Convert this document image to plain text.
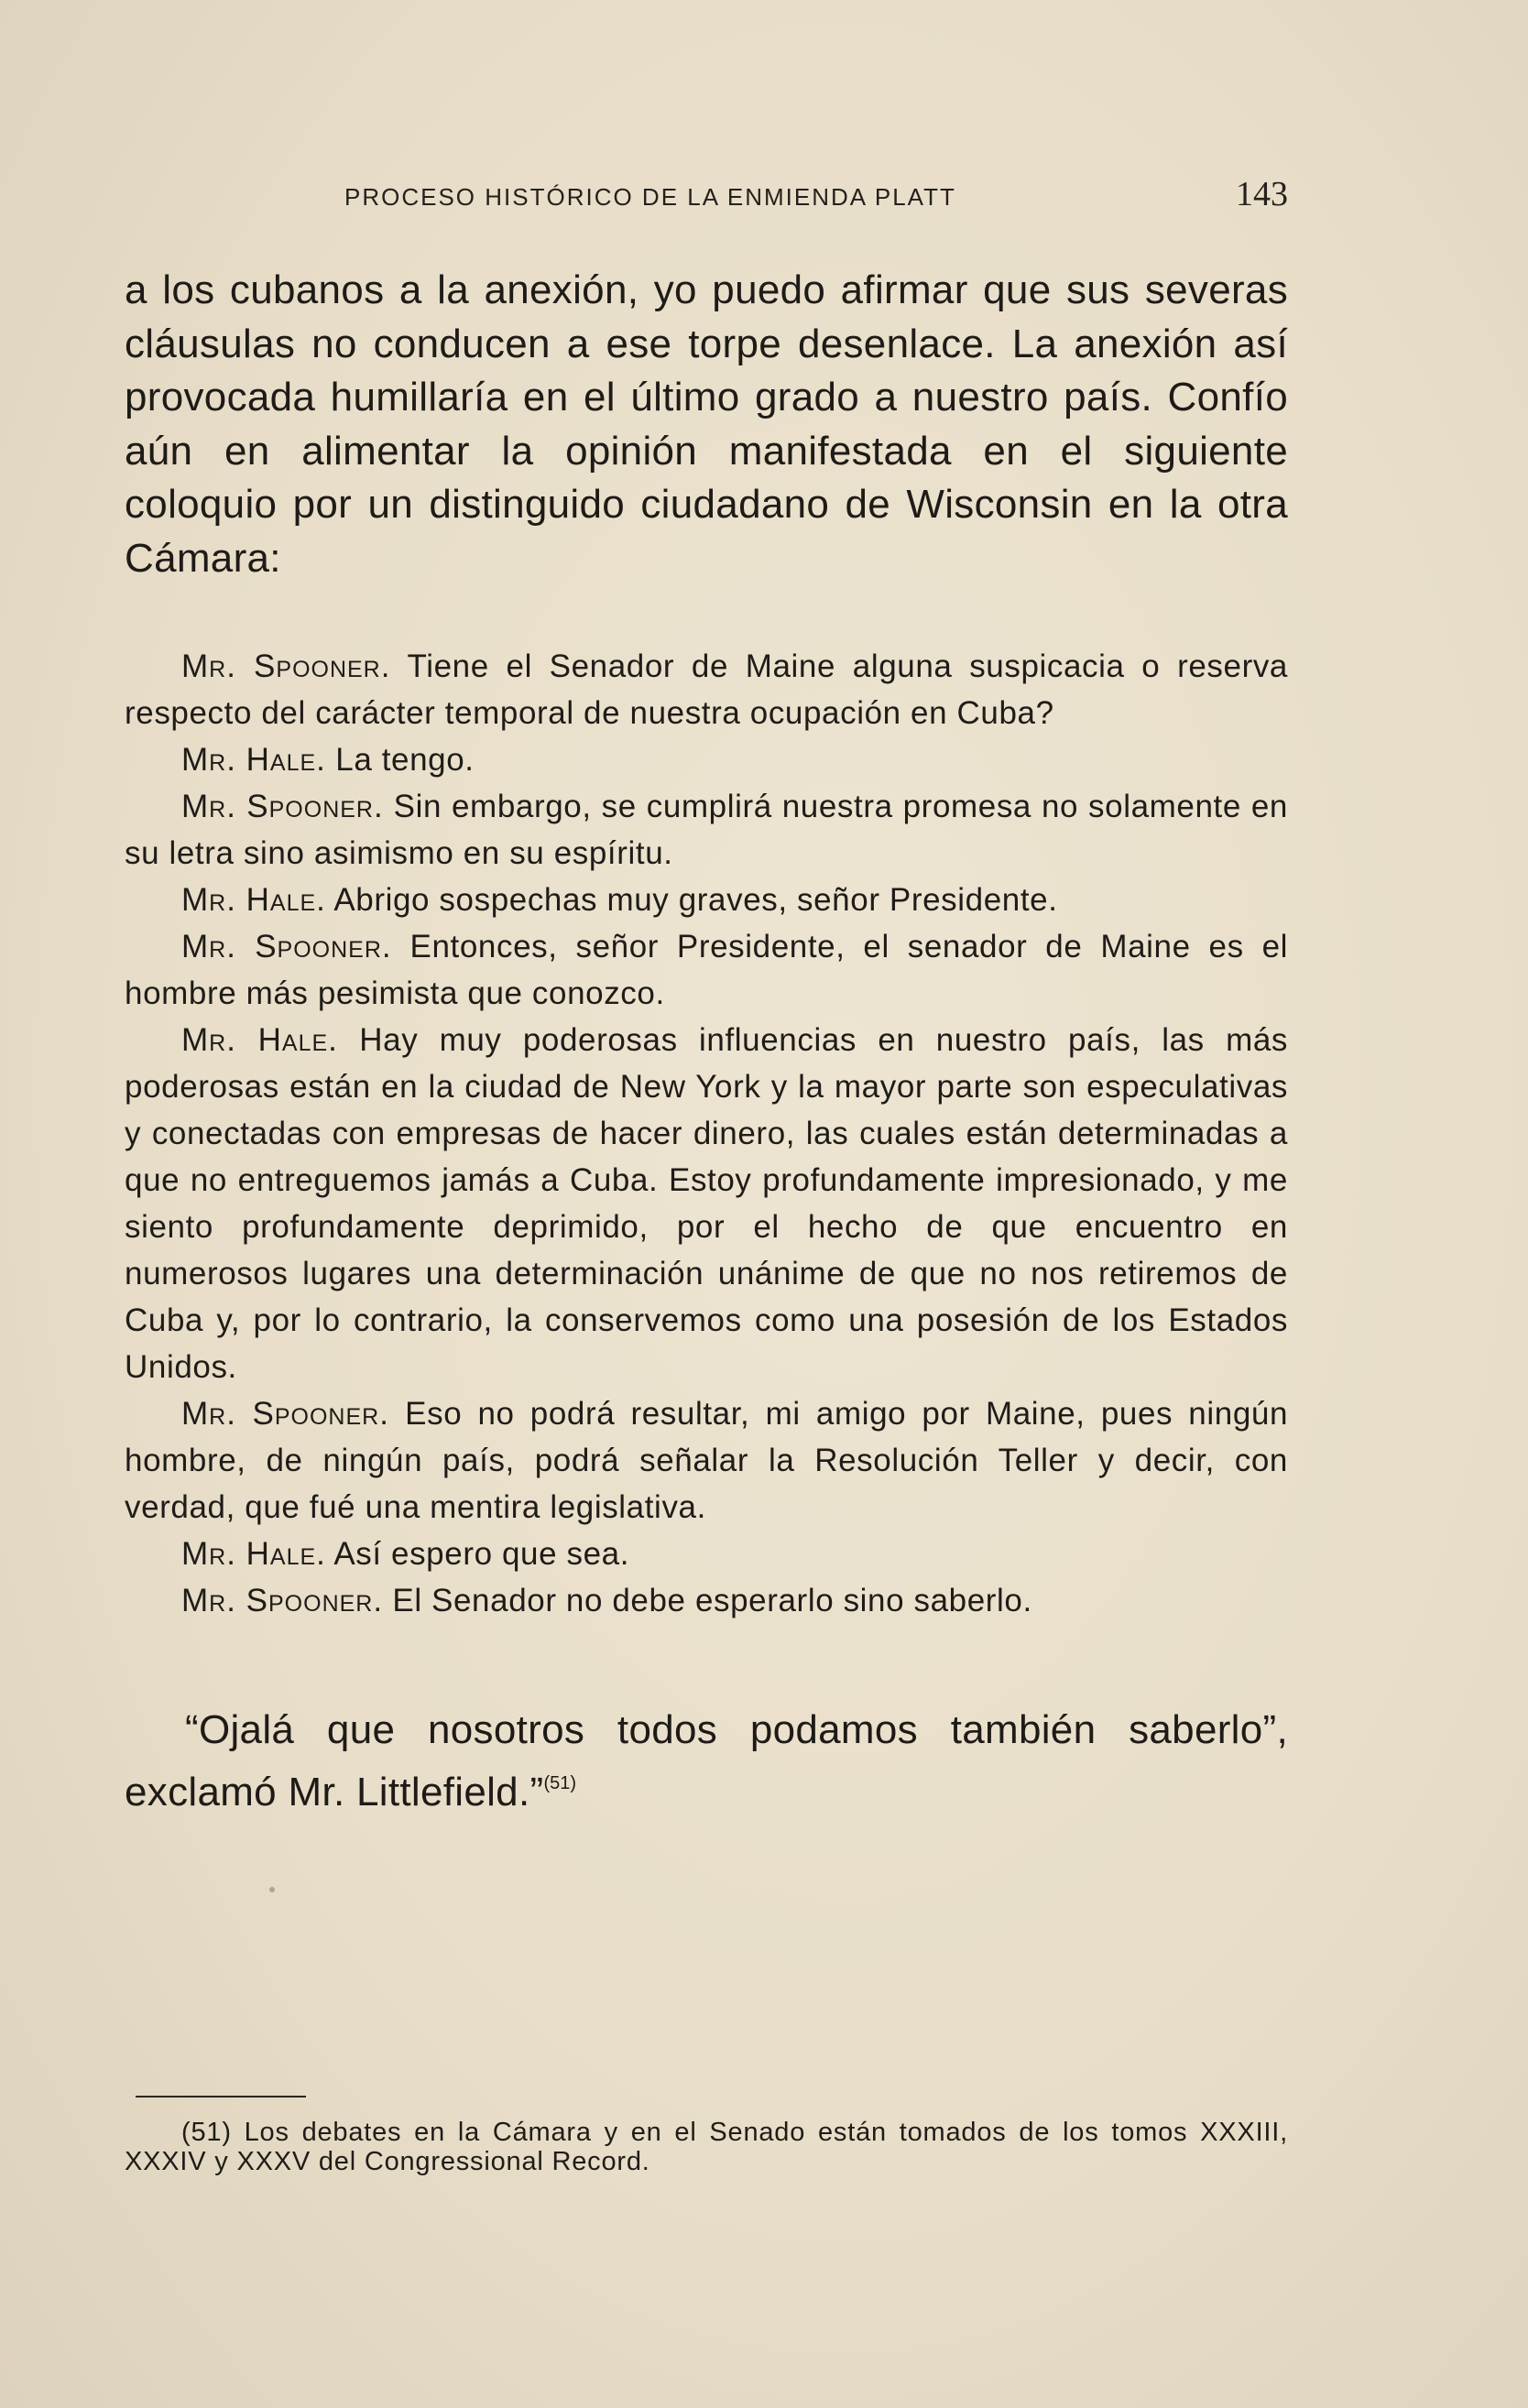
PROCESO HISTÓRICO DE LA ENMIENDA PLATT	143

a los cubanos a la anexión, yo puedo afirmar que sus severas cláusulas no conducen a ese torpe desenlace. La anexión así provocada humillaría en el último grado a nuestro país. Confío aún en alimentar la opinión manifestada en el siguiente coloquio por un distinguido ciudadano de Wisconsin en la otra Cámara:

Mr. Spooner. Tiene el Senador de Maine alguna suspicacia o reserva respecto del carácter temporal de nuestra ocupación en Cuba?

Mr. Hale. La tengo.

Mr. Spooner. Sin embargo, se cumplirá nuestra promesa no solamente en su letra sino asimismo en su espíritu.

Mr. Hale. Abrigo sospechas muy graves, señor Presidente.

Mr. Spooner. Entonces, señor Presidente, el senador de Maine es el hombre más pesimista que conozco.

Mr. Hale. Hay muy poderosas influencias en nuestro país, las más poderosas están en la ciudad de New York y la mayor parte son especulativas y conectadas con empresas de hacer dinero, las cuales están determinadas a que no entreguemos jamás a Cuba. Estoy profundamente impresionado, y me siento profundamente deprimido, por el hecho de que encuentro en numerosos lugares una determinación unánime de que no nos retiremos de Cuba y, por lo contrario, la conservemos como una posesión de los Estados Unidos.

Mr. Spooner. Eso no podrá resultar, mi amigo por Maine, pues ningún hombre, de ningún país, podrá señalar la Resolución Teller y decir, con verdad, que fué una mentira legislativa.

Mr. Hale. Así espero que sea.

Mr. Spooner. El Senador no debe esperarlo sino saberlo.

“Ojalá que nosotros todos podamos también saberlo”, exclamó Mr. Littlefield.”$^{(51)}$

(51) Los debates en la Cámara y en el Senado están tomados de los tomos XXXIII, XXXIV y XXXV del Congressional Record.
